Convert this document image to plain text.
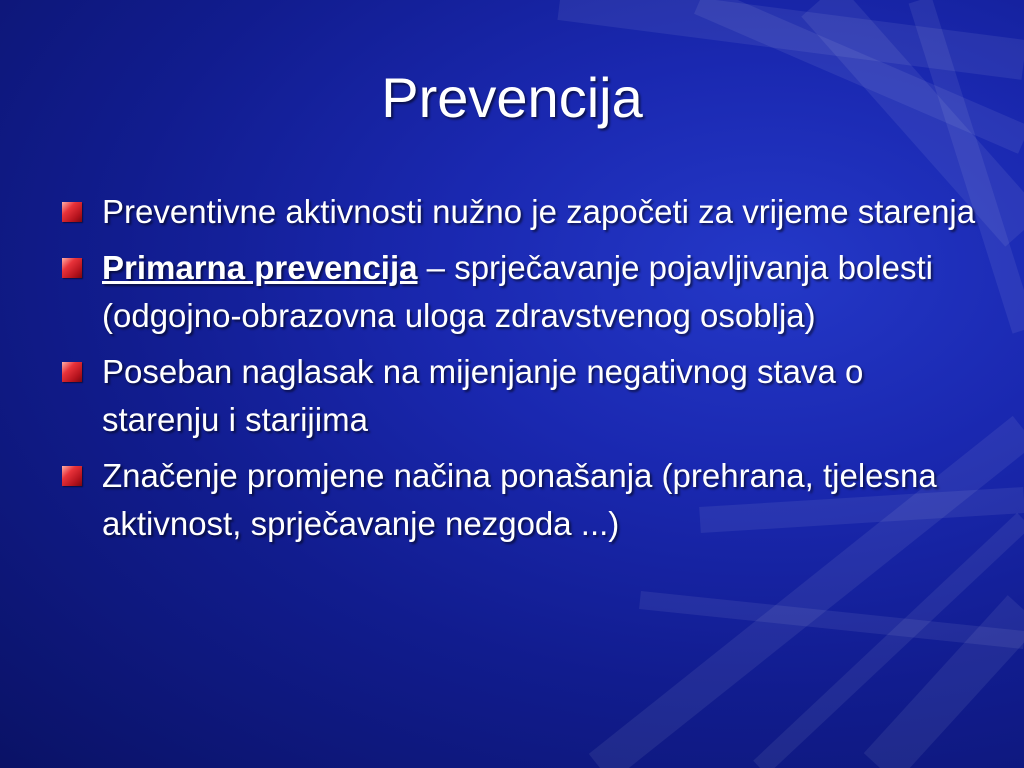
Prevencija
Preventivne aktivnosti nužno je započeti za vrijeme starenja
Primarna prevencija – sprječavanje pojavljivanja bolesti (odgojno-obrazovna uloga zdravstvenog osoblja)
Poseban naglasak na mijenjanje negativnog stava o starenju i starijima
Značenje promjene načina ponašanja (prehrana, tjelesna aktivnost, sprječavanje nezgoda ...)
